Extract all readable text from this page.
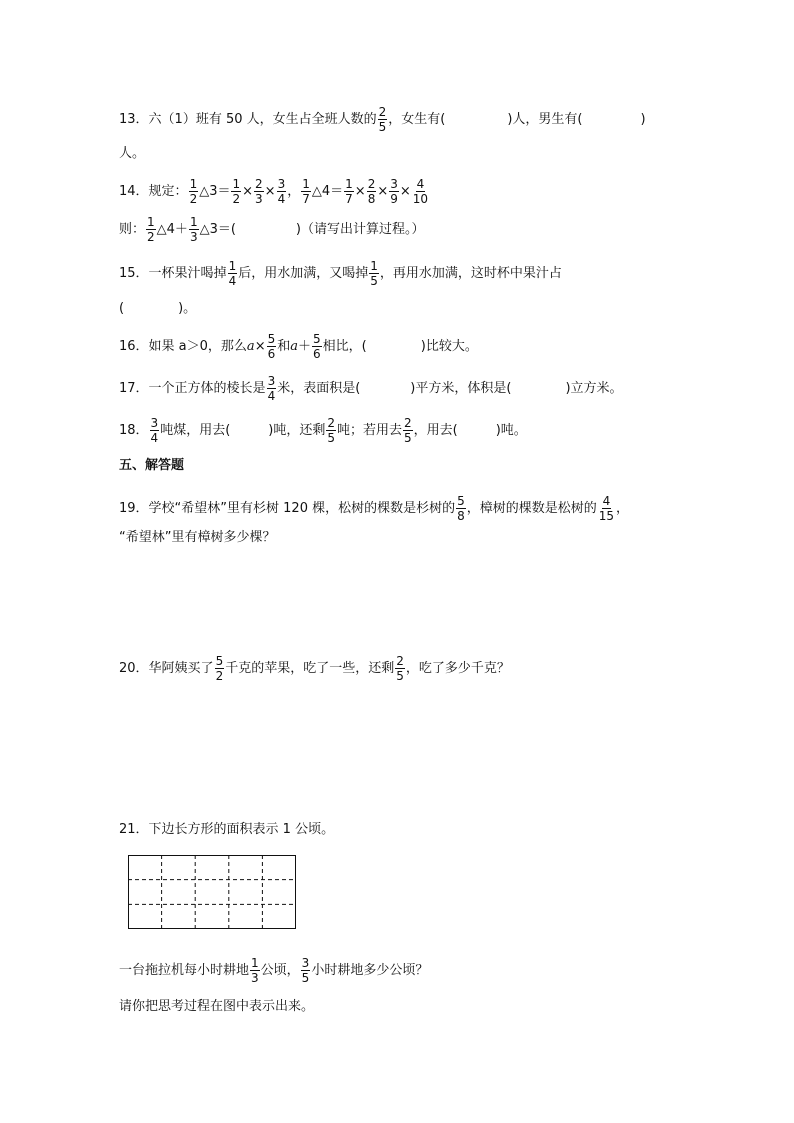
13．六（1）班有 50 人，女生占全班人数的 $\frac{2}{5}$ ，女生有(	)人，男生有(	)
人。
14．规定： $\frac{1}{2}$ △3＝ $\frac{1}{2} \times \frac{2}{3} \times \frac{3}{4}$ ， $\frac{1}{7}$ △4＝ $\frac{1}{7} \times \frac{2}{8} \times \frac{3}{9} \times \frac{4}{10}$
则： $\frac{1}{2}$ △4＋ $\frac{1}{3}$ △3＝(	)（请写出计算过程。）
15．一杯果汁喝掉 $\frac{1}{4}$ 后，用水加满，又喝掉 $\frac{1}{5}$ ，再用水加满，这时杯中果汁占
(	)。
16．如果 a＞0，那么$a\times \frac{5}{6}$ 和$a+ \frac{5}{6}$ 相比，(	)比较大。
17．一个正方体的棱长是 $\frac{3}{4}$ 米，表面积是(	)平方米，体积是(	)立方米。
18． $\frac{3}{4}$ 吨煤，用去(	)吨，还剩 $\frac{2}{5}$ 吨；若用去 $\frac{2}{5}$ ，用去(	)吨。
五、解答题
19．学校“希望林”里有杉树 120 棵，松树的棵数是杉树的 $\frac{5}{8}$ ，樟树的棵数是松树的 $\frac{4}{15}$ ，
“希望林”里有樟树多少棵？
20．华阿姨买了 $\frac{5}{2}$ 千克的苹果，吃了一些，还剩 $\frac{2}{5}$ ，吃了多少千克？
21．下边长方形的面积表示 1 公顷。
一台拖拉机每小时耕地 $\frac{1}{3}$ 公顷， $\frac{3}{5}$ 小时耕地多少公顷？
请你把思考过程在图中表示出来。
